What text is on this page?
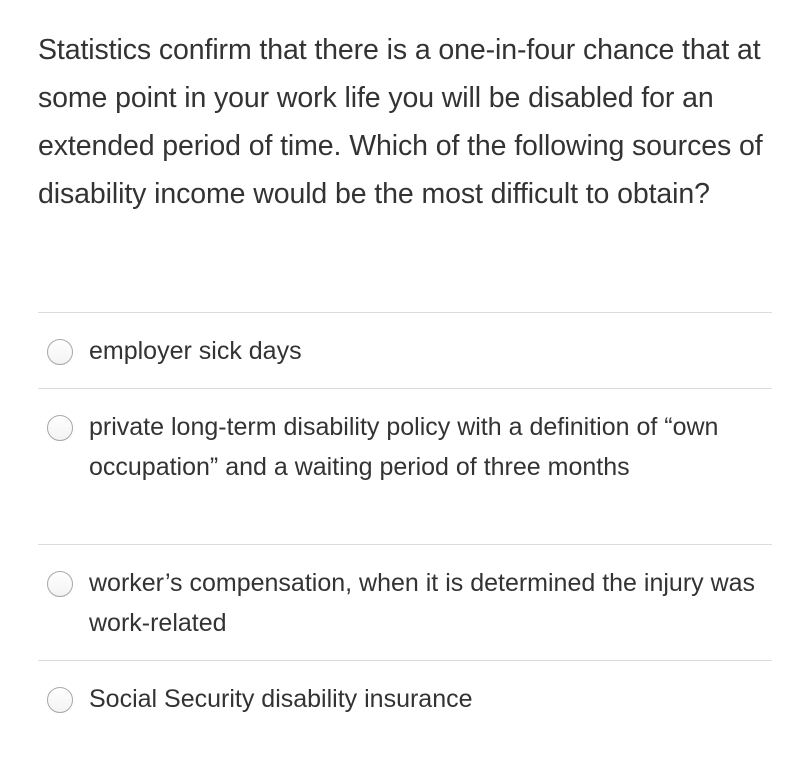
Statistics confirm that there is a one-in-four chance that at some point in your work life you will be disabled for an extended period of time. Which of the following sources of disability income would be the most difficult to obtain?
employer sick days
private long-term disability policy with a definition of “own occupation” and a waiting period of three months
worker’s compensation, when it is determined the injury was work-related
Social Security disability insurance
